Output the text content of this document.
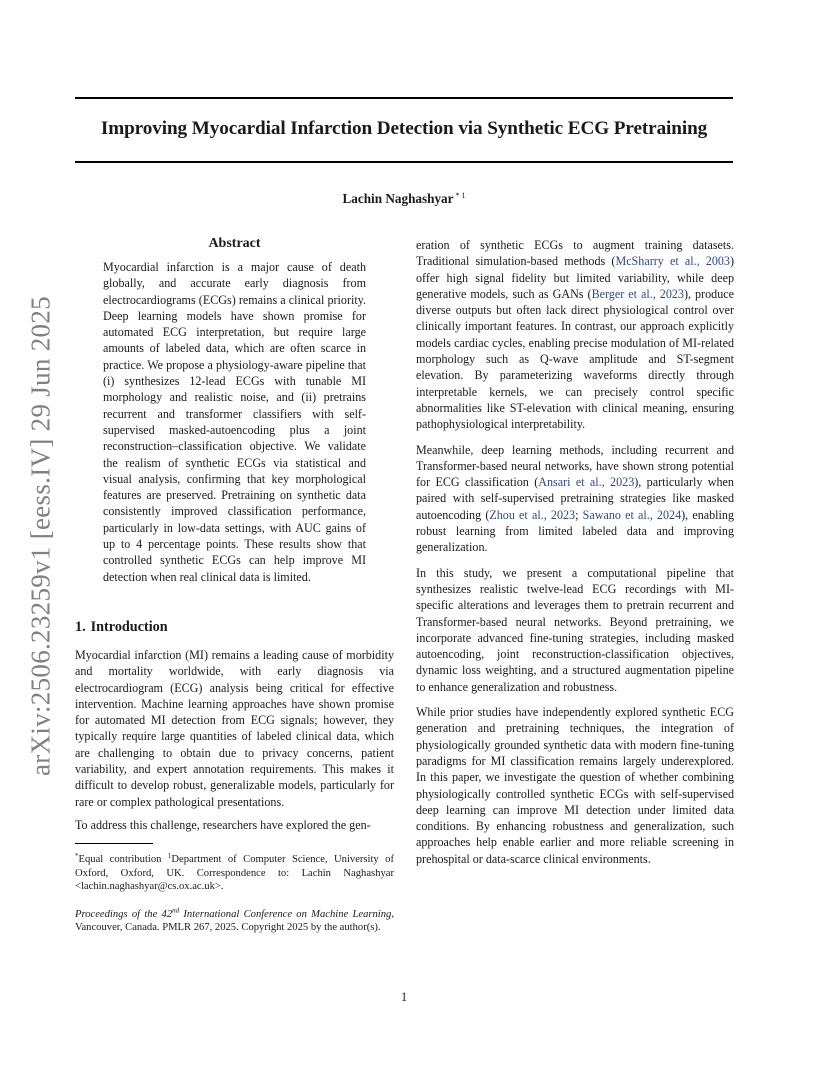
Improving Myocardial Infarction Detection via Synthetic ECG Pretraining
Lachin Naghashyar $^{* 1}$
arXiv:2506.23259v1 [eess.IV] 29 Jun 2025
Abstract
Myocardial infarction is a major cause of death globally, and accurate early diagnosis from electrocardiograms (ECGs) remains a clinical priority. Deep learning models have shown promise for automated ECG interpretation, but require large amounts of labeled data, which are often scarce in practice. We propose a physiology-aware pipeline that (i) synthesizes 12-lead ECGs with tunable MI morphology and realistic noise, and (ii) pretrains recurrent and transformer classifiers with self-supervised masked-autoencoding plus a joint reconstruction–classification objective. We validate the realism of synthetic ECGs via statistical and visual analysis, confirming that key morphological features are preserved. Pretraining on synthetic data consistently improved classification performance, particularly in low-data settings, with AUC gains of up to 4 percentage points. These results show that controlled synthetic ECGs can help improve MI detection when real clinical data is limited.
1. Introduction

Myocardial infarction (MI) remains a leading cause of morbidity and mortality worldwide, with early diagnosis via electrocardiogram (ECG) analysis being critical for effective intervention. Machine learning approaches have shown promise for automated MI detection from ECG signals; however, they typically require large quantities of labeled clinical data, which are challenging to obtain due to privacy concerns, patient variability, and expert annotation requirements. This makes it difficult to develop robust, generalizable models, particularly for rare or complex pathological presentations.

To address this challenge, researchers have explored the gen-

*Equal contribution $^1$Department of Computer Science, University of Oxford, Oxford, UK. Correspondence to: Lachin Naghashyar <lachin.naghashyar@cs.ox.ac.uk>.

Proceedings of the 42nd International Conference on Machine Learning, Vancouver, Canada. PMLR 267, 2025. Copyright 2025 by the author(s).

eration of synthetic ECGs to augment training datasets. Traditional simulation-based methods (McSharry et al., 2003) offer high signal fidelity but limited variability, while deep generative models, such as GANs (Berger et al., 2023), produce diverse outputs but often lack direct physiological control over clinically important features. In contrast, our approach explicitly models cardiac cycles, enabling precise modulation of MI-related morphology such as Q-wave amplitude and ST-segment elevation. By parameterizing waveforms directly through interpretable kernels, we can precisely control specific abnormalities like ST-elevation with clinical meaning, ensuring pathophysiological interpretability.

Meanwhile, deep learning methods, including recurrent and Transformer-based neural networks, have shown strong potential for ECG classification (Ansari et al., 2023), particularly when paired with self-supervised pretraining strategies like masked autoencoding (Zhou et al., 2023; Sawano et al., 2024), enabling robust learning from limited labeled data and improving generalization.

In this study, we present a computational pipeline that synthesizes realistic twelve-lead ECG recordings with MI-specific alterations and leverages them to pretrain recurrent and Transformer-based neural networks. Beyond pretraining, we incorporate advanced fine-tuning strategies, including masked autoencoding, joint reconstruction-classification objectives, dynamic loss weighting, and a structured augmentation pipeline to enhance generalization and robustness.

While prior studies have independently explored synthetic ECG generation and pretraining techniques, the integration of physiologically grounded synthetic data with modern fine-tuning paradigms for MI classification remains largely underexplored. In this paper, we investigate the question of whether combining physiologically controlled synthetic ECGs with self-supervised deep learning can improve MI detection under limited data conditions. By enhancing robustness and generalization, such approaches help enable earlier and more reliable screening in prehospital or data-scarce clinical environments.

1
